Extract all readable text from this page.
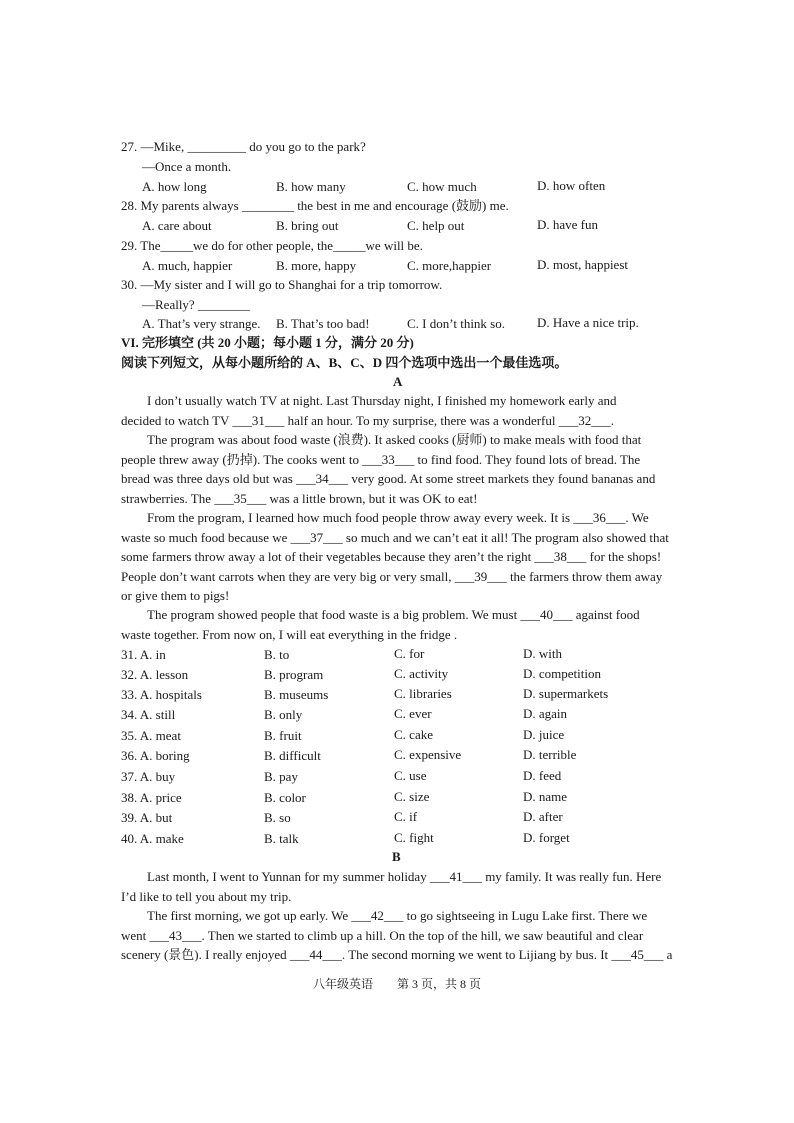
27. —Mike, _________ do you go to the park?
—Once a month.
A. how long	B. how many	C. how much	D. how often
28. My parents always ________ the best in me and encourage (鼓励) me.
A. care about	B. bring out	C. help out	D. have fun
29. The_____we do for other people, the_____we will be.
A. much, happier	B. more, happy	C. more,happier	D. most, happiest
30. —My sister and I will go to Shanghai for a trip tomorrow.
—Really? ________
A. That’s very strange. B. That’s too bad!	C. I don’t think so. D. Have a nice trip.
VI. 完形填空 (共 20 小题；每小题 1 分，满分 20 分)
阅读下列短文，从每小题所给的 A、B、C、D 四个选项中选出一个最佳选项。
A
I don’t usually watch TV at night. Last Thursday night, I finished my homework early and
decided to watch TV ___31___ half an hour. To my surprise, there was a wonderful ___32___.
The program was about food waste (浪费). It asked cooks (厨师) to make meals with food that
people threw away (扔掉). The cooks went to ___33___ to find food. They found lots of bread. The
bread was three days old but was ___34___ very good. At some street markets they found bananas and
strawberries. The ___35___ was a little brown, but it was OK to eat!
From the program, I learned how much food people throw away every week. It is ___36___. We
waste so much food because we ___37___ so much and we can’t eat it all! The program also showed that
some farmers throw away a lot of their vegetables because they aren’t the right ___38___ for the shops!
People don’t want carrots when they are very big or very small, ___39___ the farmers throw them away
or give them to pigs!
The program showed people that food waste is a big problem. We must ___40___ against food
waste together. From now on, I will eat everything in the fridge .
31. A. in	B. to	C. for	D. with
32. A. lesson	B. program	C. activity	D. competition
33. A. hospitals	B. museums	C. libraries	D. supermarkets
34. A. still	B. only	C. ever	D. again
35. A. meat	B. fruit	C. cake	D. juice
36. A. boring	B. difficult	C. expensive	D. terrible
37. A. buy	B. pay	C. use	D. feed
38. A. price	B. color	C. size	D. name
39. A. but	B. so	C. if	D. after
40. A. make	B. talk	C. fight	D. forget
B
Last month, I went to Yunnan for my summer holiday ___41___ my family. It was really fun. Here
I’d like to tell you about my trip.
The first morning, we got up early. We ___42___ to go sightseeing in Lugu Lake first. There we
went ___43___. Then we started to climb up a hill. On the top of the hill, we saw beautiful and clear
scenery (景色). I really enjoyed ___44___. The second morning we went to Lijiang by bus. It ___45___ a
八年级英语 第 3 页，共 8 页
